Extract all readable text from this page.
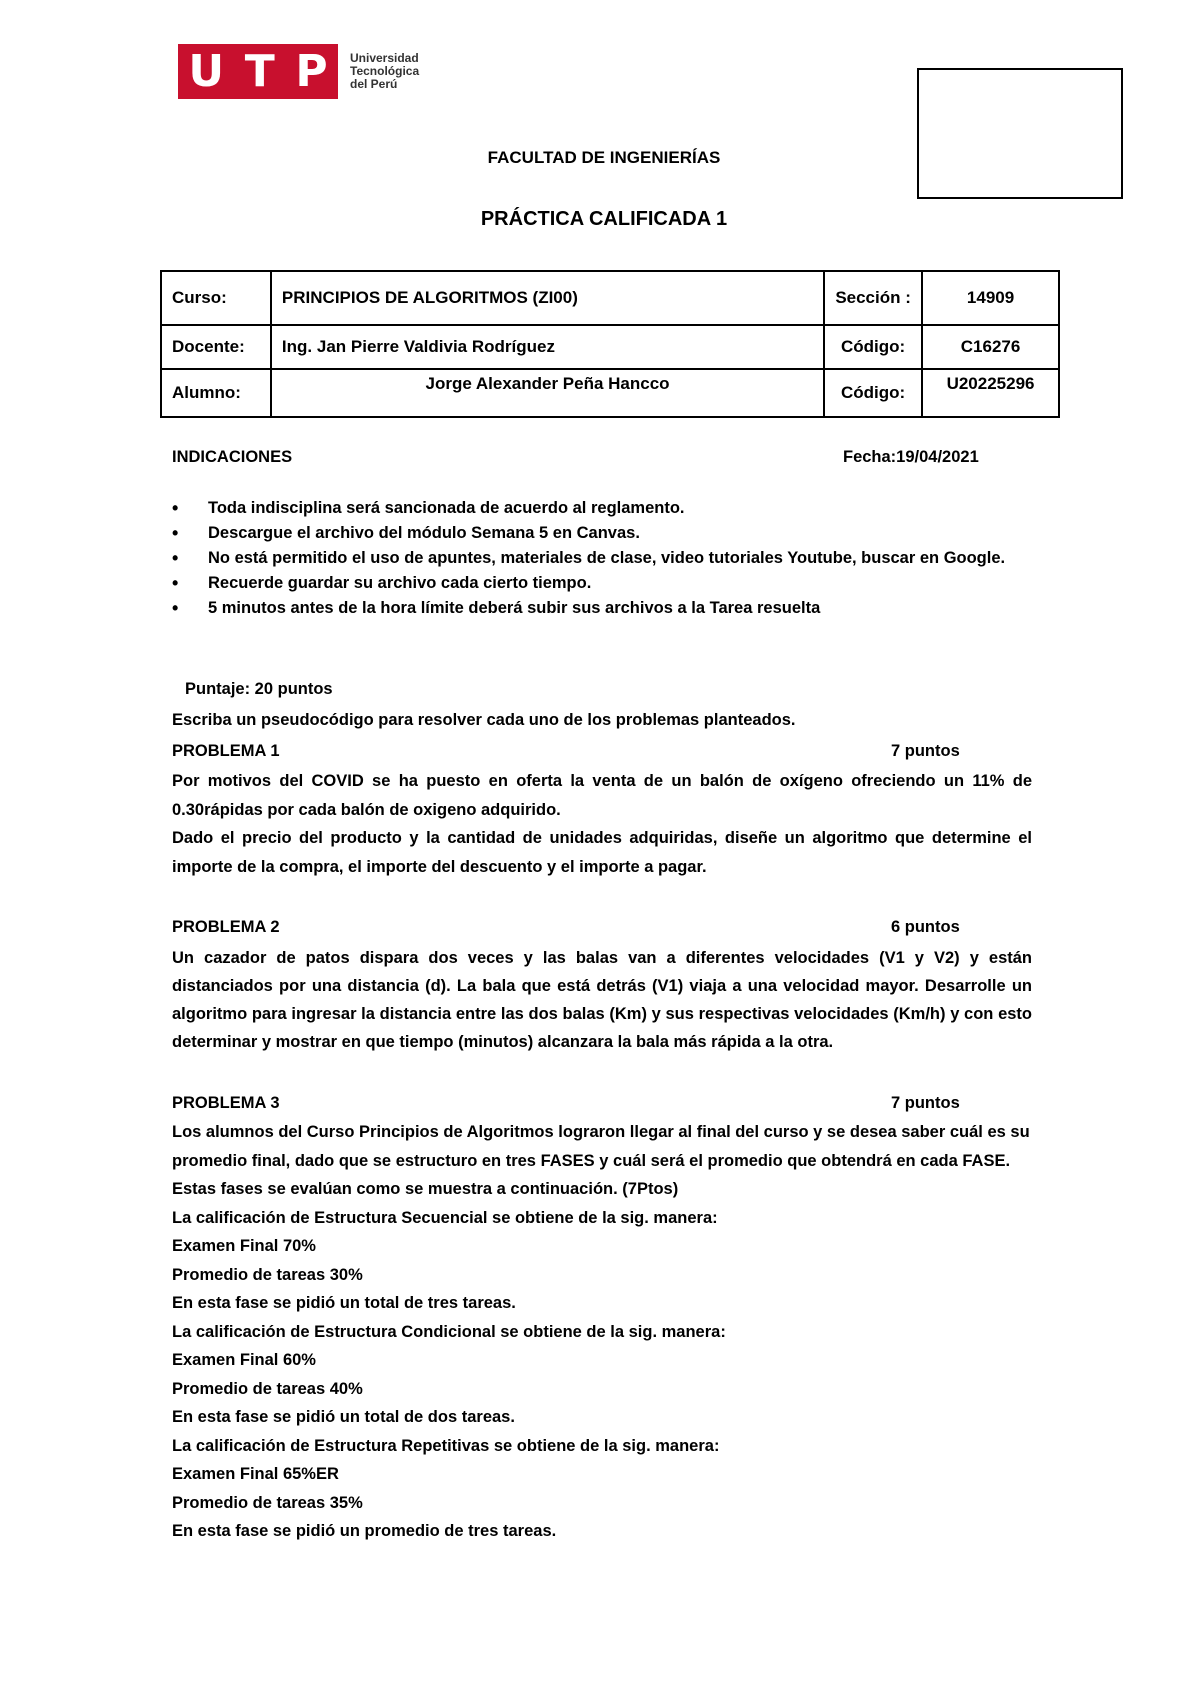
U T P Universidad
Tecnológica
del Perú
FACULTAD DE INGENIERÍAS
PRÁCTICA CALIFICADA 1
Curso:	PRINCIPIOS DE ALGORITMOS (ZI00)	Sección :	14909
Docente:	Ing. Jan Pierre Valdivia Rodríguez	Código:	C16276
Alumno:	Jorge Alexander Peña Hancco	Código:	U20225296
INDICACIONES	Fecha:19/04/2021
• Toda indisciplina será sancionada de acuerdo al reglamento.
• Descargue el archivo del módulo Semana 5 en Canvas.
• No está permitido el uso de apuntes, materiales de clase, video tutoriales Youtube, buscar en Google.
• Recuerde guardar su archivo cada cierto tiempo.
• 5 minutos antes de la hora límite deberá subir sus archivos a la Tarea resuelta
Puntaje: 20 puntos
Escriba un pseudocódigo para resolver cada uno de los problemas planteados.
PROBLEMA 1	7 puntos
Por motivos del COVID se ha puesto en oferta la venta de un balón de oxígeno ofreciendo un 11% de 0.30rápidas por cada balón de oxigeno adquirido.
Dado el precio del producto y la cantidad de unidades adquiridas, diseñe un algoritmo que determine el importe de la compra, el importe del descuento y el importe a pagar.
PROBLEMA 2	6 puntos
Un cazador de patos dispara dos veces y las balas van a diferentes velocidades (V1 y V2) y están distanciados por una distancia (d). La bala que está detrás (V1) viaja a una velocidad mayor. Desarrolle un algoritmo para ingresar la distancia entre las dos balas (Km) y sus respectivas velocidades (Km/h) y con esto determinar y mostrar en que tiempo (minutos) alcanzara la bala más rápida a la otra.
PROBLEMA 3	7 puntos
Los alumnos del Curso Principios de Algoritmos lograron llegar al final del curso y se desea saber cuál es su
promedio final, dado que se estructuro en tres FASES y cuál será el promedio que obtendrá en cada FASE.
Estas fases se evalúan como se muestra a continuación. (7Ptos)
La calificación de Estructura Secuencial se obtiene de la sig. manera:
Examen Final 70%
Promedio de tareas 30%
En esta fase se pidió un total de tres tareas.
La calificación de Estructura Condicional se obtiene de la sig. manera:
Examen Final 60%
Promedio de tareas 40%
En esta fase se pidió un total de dos tareas.
La calificación de Estructura Repetitivas se obtiene de la sig. manera:
Examen Final 65%ER
Promedio de tareas 35%
En esta fase se pidió un promedio de tres tareas.
